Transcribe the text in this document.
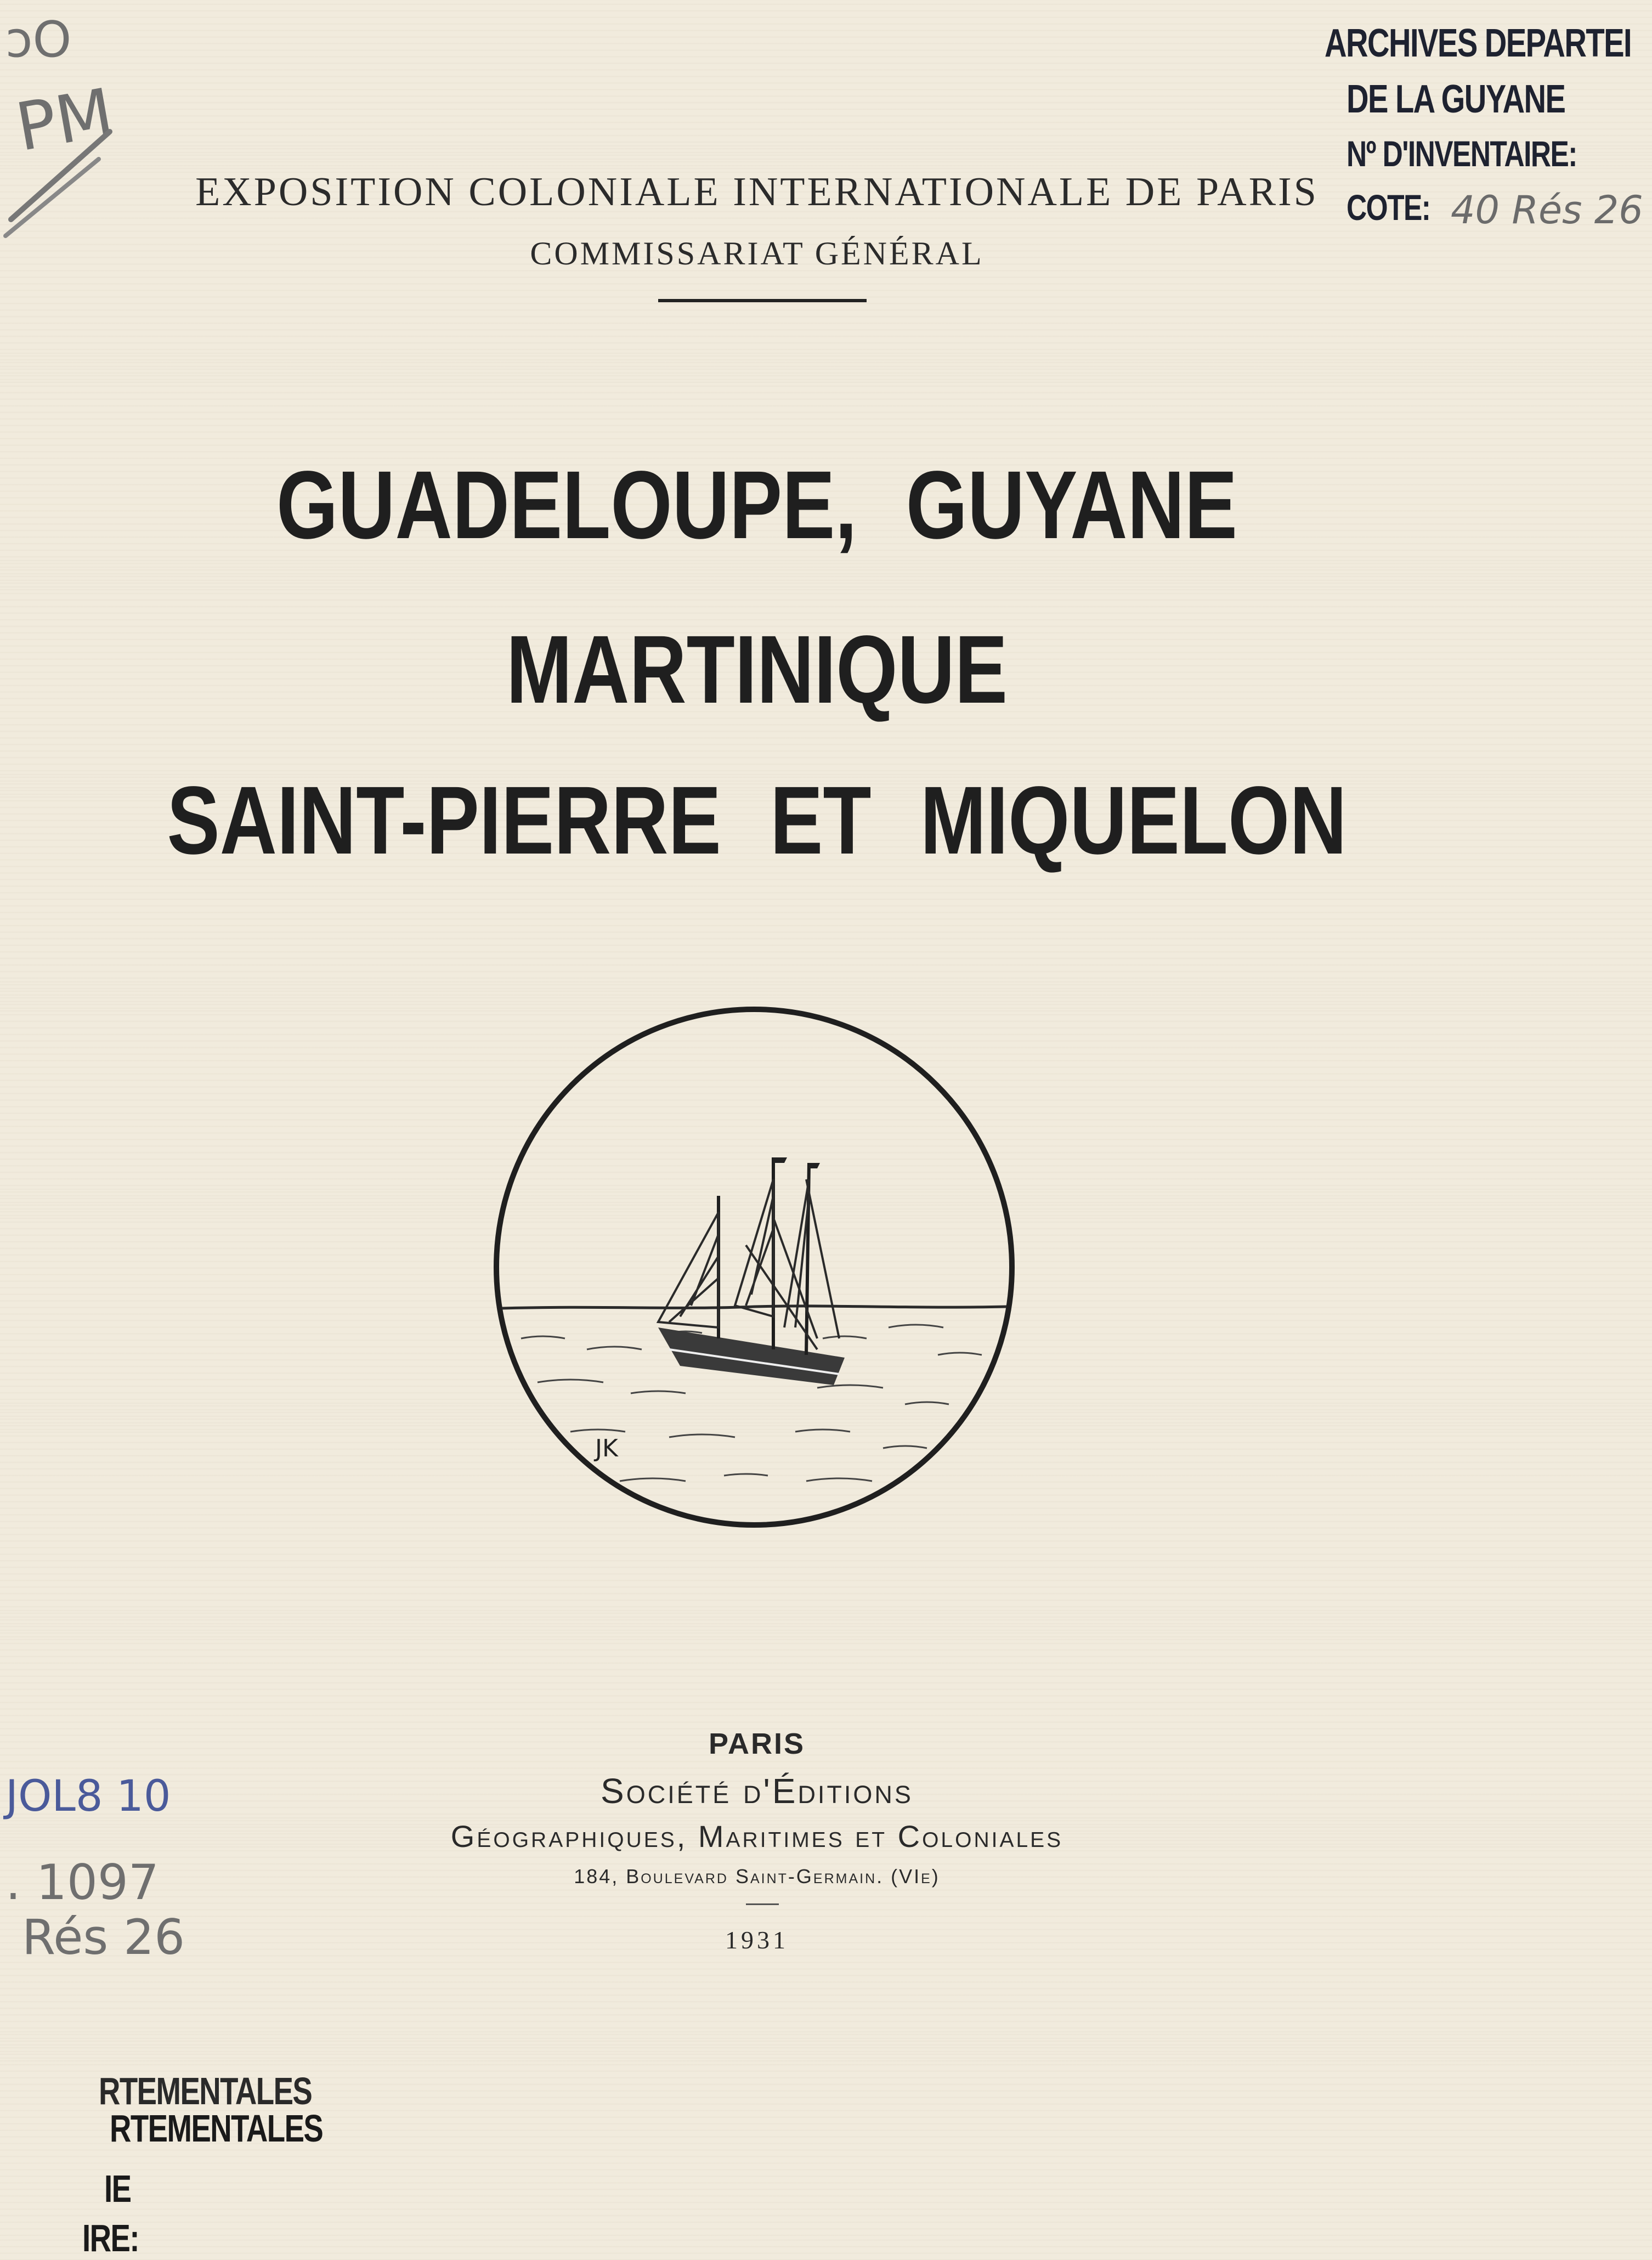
ɔO
PM
ARCHIVES DEPARTEI
DE LA GUYANE
Nº D'INVENTAIRE:
COTE: 40 Rés 26
EXPOSITION COLONIALE INTERNATIONALE DE PARIS
COMMISSARIAT GÉNÉRAL
GUADELOUPE, GUYANE
MARTINIQUE
SAINT-PIERRE ET MIQUELON
JK
PARIS
Société d'Éditions
Géographiques, Maritimes et Coloniales
184, Boulevard Saint-Germain. (VIe)
1931
JOL8 10
. 1097
Rés 26
RTEMENTALES
RTEMENTALES
IE
IRE:
